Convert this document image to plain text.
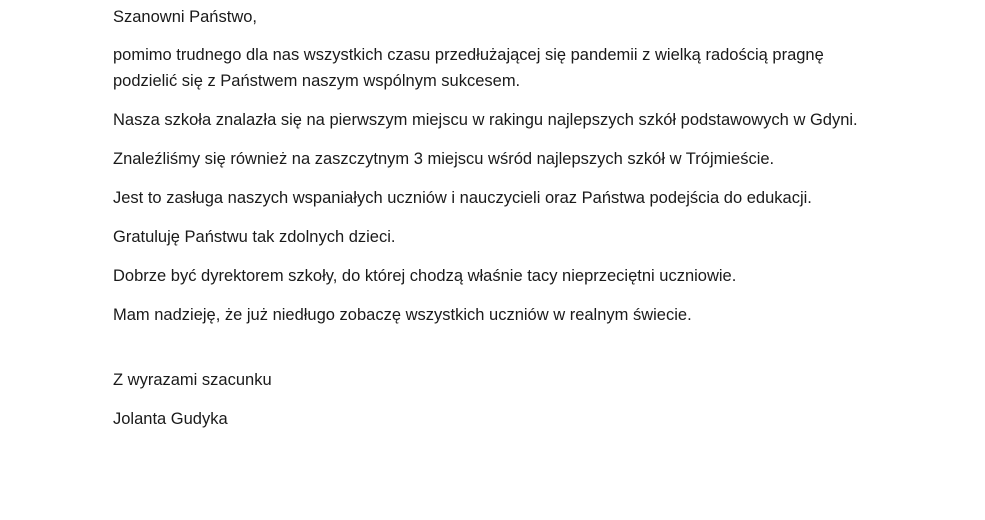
Szanowni Państwo,

pomimo trudnego dla nas wszystkich czasu przedłużającej się pandemii z wielką radością pragnę podzielić się z Państwem naszym wspólnym sukcesem.

Nasza szkoła znalazła się na pierwszym miejscu w rakingu najlepszych szkół podstawowych w Gdyni.

Znaleźliśmy się również na zaszczytnym 3 miejscu wśród najlepszych szkół w Trójmieście.

Jest to zasługa naszych wspaniałych uczniów i nauczycieli oraz Państwa podejścia do edukacji.

Gratuluję Państwu tak zdolnych dzieci.

Dobrze być dyrektorem szkoły, do której chodzą właśnie tacy nieprzeciętni uczniowie.

Mam nadzieję, że już niedługo zobaczę wszystkich uczniów w realnym świecie.

Z wyrazami szacunku

Jolanta Gudyka
